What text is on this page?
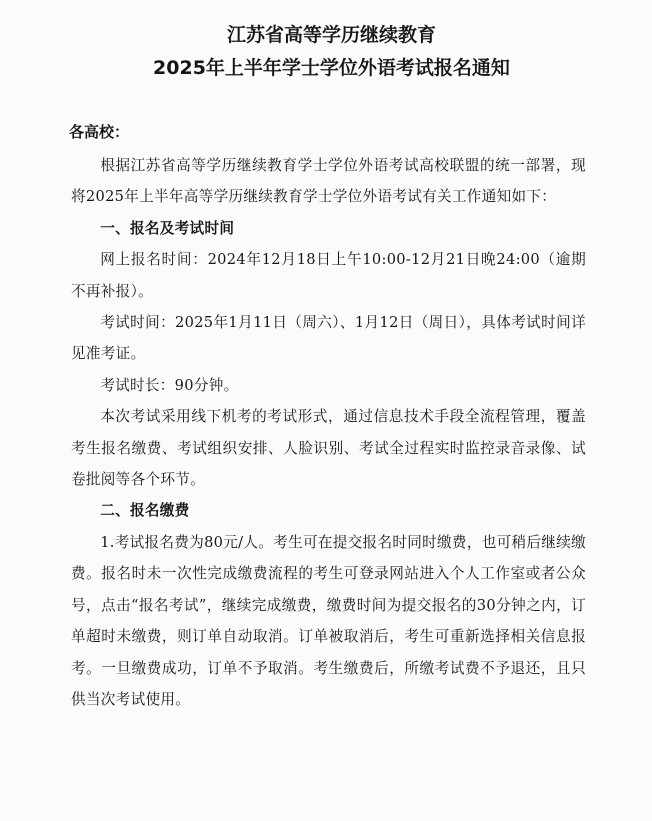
江苏省高等学历继续教育
2025年上半年学士学位外语考试报名通知
各高校：

根据江苏省高等学历继续教育学士学位外语考试高校联盟的统一部署，现将2025年上半年高等学历继续教育学士学位外语考试有关工作通知如下：

一、报名及考试时间

网上报名时间：2024年12月18日上午10:00-12月21日晚24:00（逾期不再补报）。

考试时间：2025年1月11日（周六）、1月12日（周日），具体考试时间详见准考证。

考试时长：90分钟。

本次考试采用线下机考的考试形式，通过信息技术手段全流程管理，覆盖考生报名缴费、考试组织安排、人脸识别、考试全过程实时监控录音录像、试卷批阅等各个环节。

二、报名缴费

1.考试报名费为80元/人。考生可在提交报名时同时缴费，也可稍后继续缴费。报名时未一次性完成缴费流程的考生可登录网站进入个人工作室或者公众号，点击“报名考试”，继续完成缴费，缴费时间为提交报名的30分钟之内，订单超时未缴费，则订单自动取消。订单被取消后，考生可重新选择相关信息报考。一旦缴费成功，订单不予取消。考生缴费后，所缴考试费不予退还，且只供当次考试使用。
